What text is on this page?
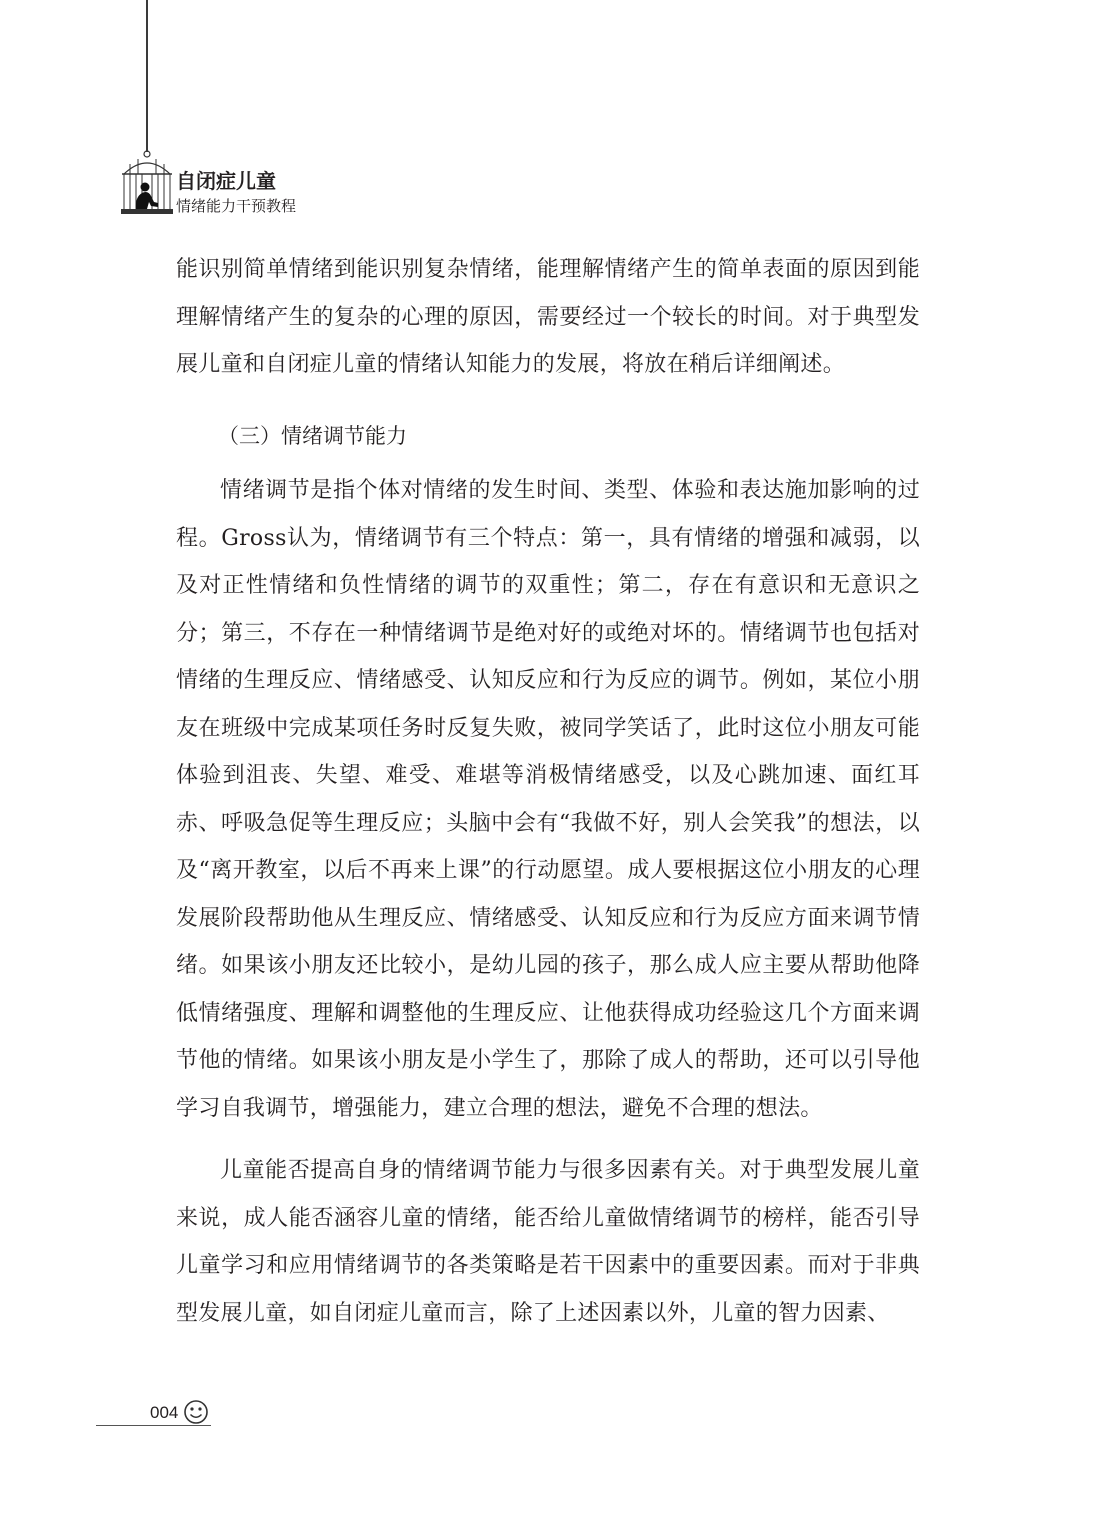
自闭症儿童
情绪能力干预教程

能识别简单情绪到能识别复杂情绪，能理解情绪产生的简单表面的原因到能理解情绪产生的复杂的心理的原因，需要经过一个较长的时间。对于典型发展儿童和自闭症儿童的情绪认知能力的发展，将放在稍后详细阐述。

（三）情绪调节能力

情绪调节是指个体对情绪的发生时间、类型、体验和表达施加影响的过程。Gross认为，情绪调节有三个特点：第一，具有情绪的增强和减弱，以及对正性情绪和负性情绪的调节的双重性；第二，存在有意识和无意识之分；第三，不存在一种情绪调节是绝对好的或绝对坏的。情绪调节也包括对情绪的生理反应、情绪感受、认知反应和行为反应的调节。例如，某位小朋友在班级中完成某项任务时反复失败，被同学笑话了，此时这位小朋友可能体验到沮丧、失望、难受、难堪等消极情绪感受，以及心跳加速、面红耳赤、呼吸急促等生理反应；头脑中会有“我做不好，别人会笑我”的想法，以及“离开教室，以后不再来上课”的行动愿望。成人要根据这位小朋友的心理发展阶段帮助他从生理反应、情绪感受、认知反应和行为反应方面来调节情绪。如果该小朋友还比较小，是幼儿园的孩子，那么成人应主要从帮助他降低情绪强度、理解和调整他的生理反应、让他获得成功经验这几个方面来调节他的情绪。如果该小朋友是小学生了，那除了成人的帮助，还可以引导他学习自我调节，增强能力，建立合理的想法，避免不合理的想法。

儿童能否提高自身的情绪调节能力与很多因素有关。对于典型发展儿童来说，成人能否涵容儿童的情绪，能否给儿童做情绪调节的榜样，能否引导儿童学习和应用情绪调节的各类策略是若干因素中的重要因素。而对于非典型发展儿童，如自闭症儿童而言，除了上述因素以外，儿童的智力因素、

004
